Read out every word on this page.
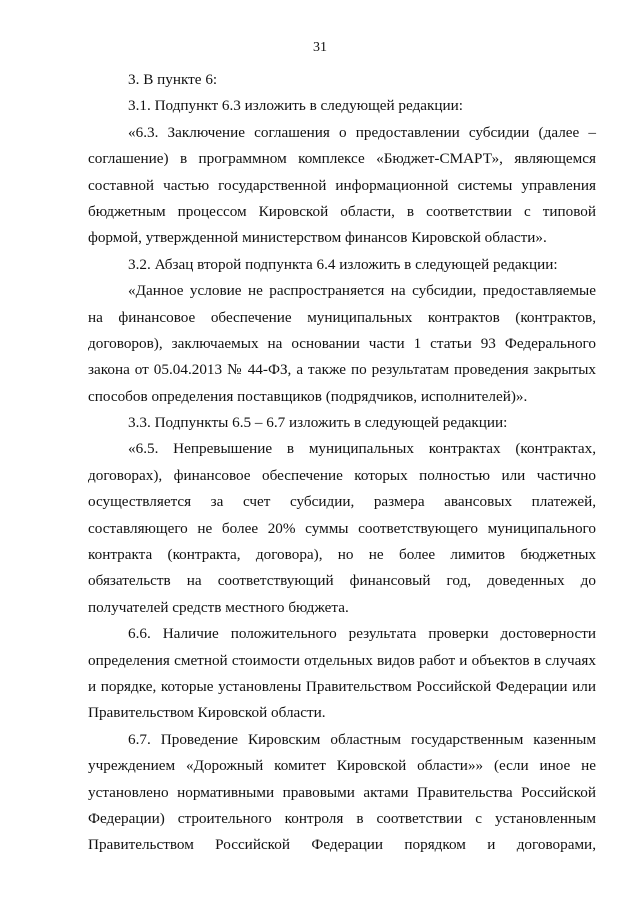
31
3. В пункте 6:
3.1. Подпункт 6.3 изложить в следующей редакции:
«6.3. Заключение соглашения о предоставлении субсидии (далее –
соглашение) в программном комплексе «Бюджет-СМАРТ», являющемся
составной частью государственной информационной системы управления
бюджетным процессом Кировской области, в соответствии с типовой
формой, утвержденной министерством финансов Кировской области».
3.2. Абзац второй подпункта 6.4 изложить в следующей редакции:
«Данное условие не распространяется на субсидии, предоставляемые
на финансовое обеспечение муниципальных контрактов (контрактов,
договоров), заключаемых на основании части 1 статьи 93 Федерального
закона от 05.04.2013 № 44-ФЗ, а также по результатам проведения закрытых
способов определения поставщиков (подрядчиков, исполнителей)».
3.3. Подпункты 6.5 – 6.7 изложить в следующей редакции:
«6.5. Непревышение в муниципальных контрактах (контрактах,
договорах), финансовое обеспечение которых полностью или частично
осуществляется за счет субсидии, размера авансовых платежей,
составляющего не более 20% суммы соответствующего муниципального
контракта (контракта, договора), но не более лимитов бюджетных
обязательств на соответствующий финансовый год, доведенных до
получателей средств местного бюджета.
6.6. Наличие положительного результата проверки достоверности
определения сметной стоимости отдельных видов работ и объектов в случаях
и порядке, которые установлены Правительством Российской Федерации или
Правительством Кировской области.
6.7. Проведение Кировским областным государственным казенным
учреждением «Дорожный комитет Кировской области»» (если иное не
установлено нормативными правовыми актами Правительства Российской
Федерации) строительного контроля в соответствии с установленным
Правительством Российской Федерации порядком и договорами,
